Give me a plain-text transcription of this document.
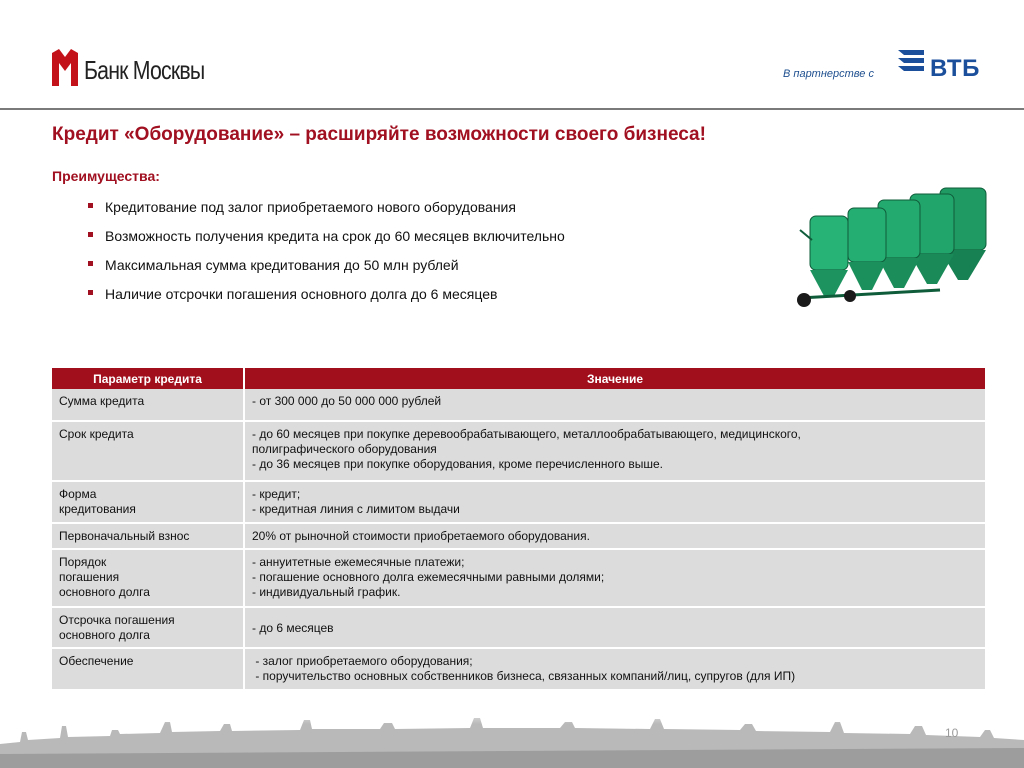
Банк Москвы	В партнерстве с ВТБ
Кредит «Оборудование» – расширяйте возможности своего бизнеса!
Преимущества:
Кредитование под залог приобретаемого нового оборудования
Возможность получения кредита на срок до 60 месяцев включительно
Максимальная сумма кредитования до 50 млн рублей
Наличие отсрочки погашения основного долга до 6 месяцев
Параметр кредита	Значение

Сумма кредита	- от 300 000 до 50 000 000 рублей

Срок кредита	- до 60 месяцев при покупке деревообрабатывающего, металлообрабатывающего, медицинского,
полиграфического оборудования
- до 36 месяцев при покупке оборудования, кроме перечисленного выше.

Форма
кредитования	- кредит;
- кредитная линия с лимитом выдачи

Первоначальный взнос	20% от рыночной стоимости приобретаемого оборудования.

Порядок
погашения
основного долга	- аннуитетные ежемесячные платежи;
- погашение основного долга ежемесячными равными долями;
- индивидуальный график.

Отсрочка погашения
основного долга	- до 6 месяцев

Обеспечение	- залог приобретаемого оборудования;
- поручительство основных собственников бизнеса, связанных компаний/лиц, супругов (для ИП)
10
